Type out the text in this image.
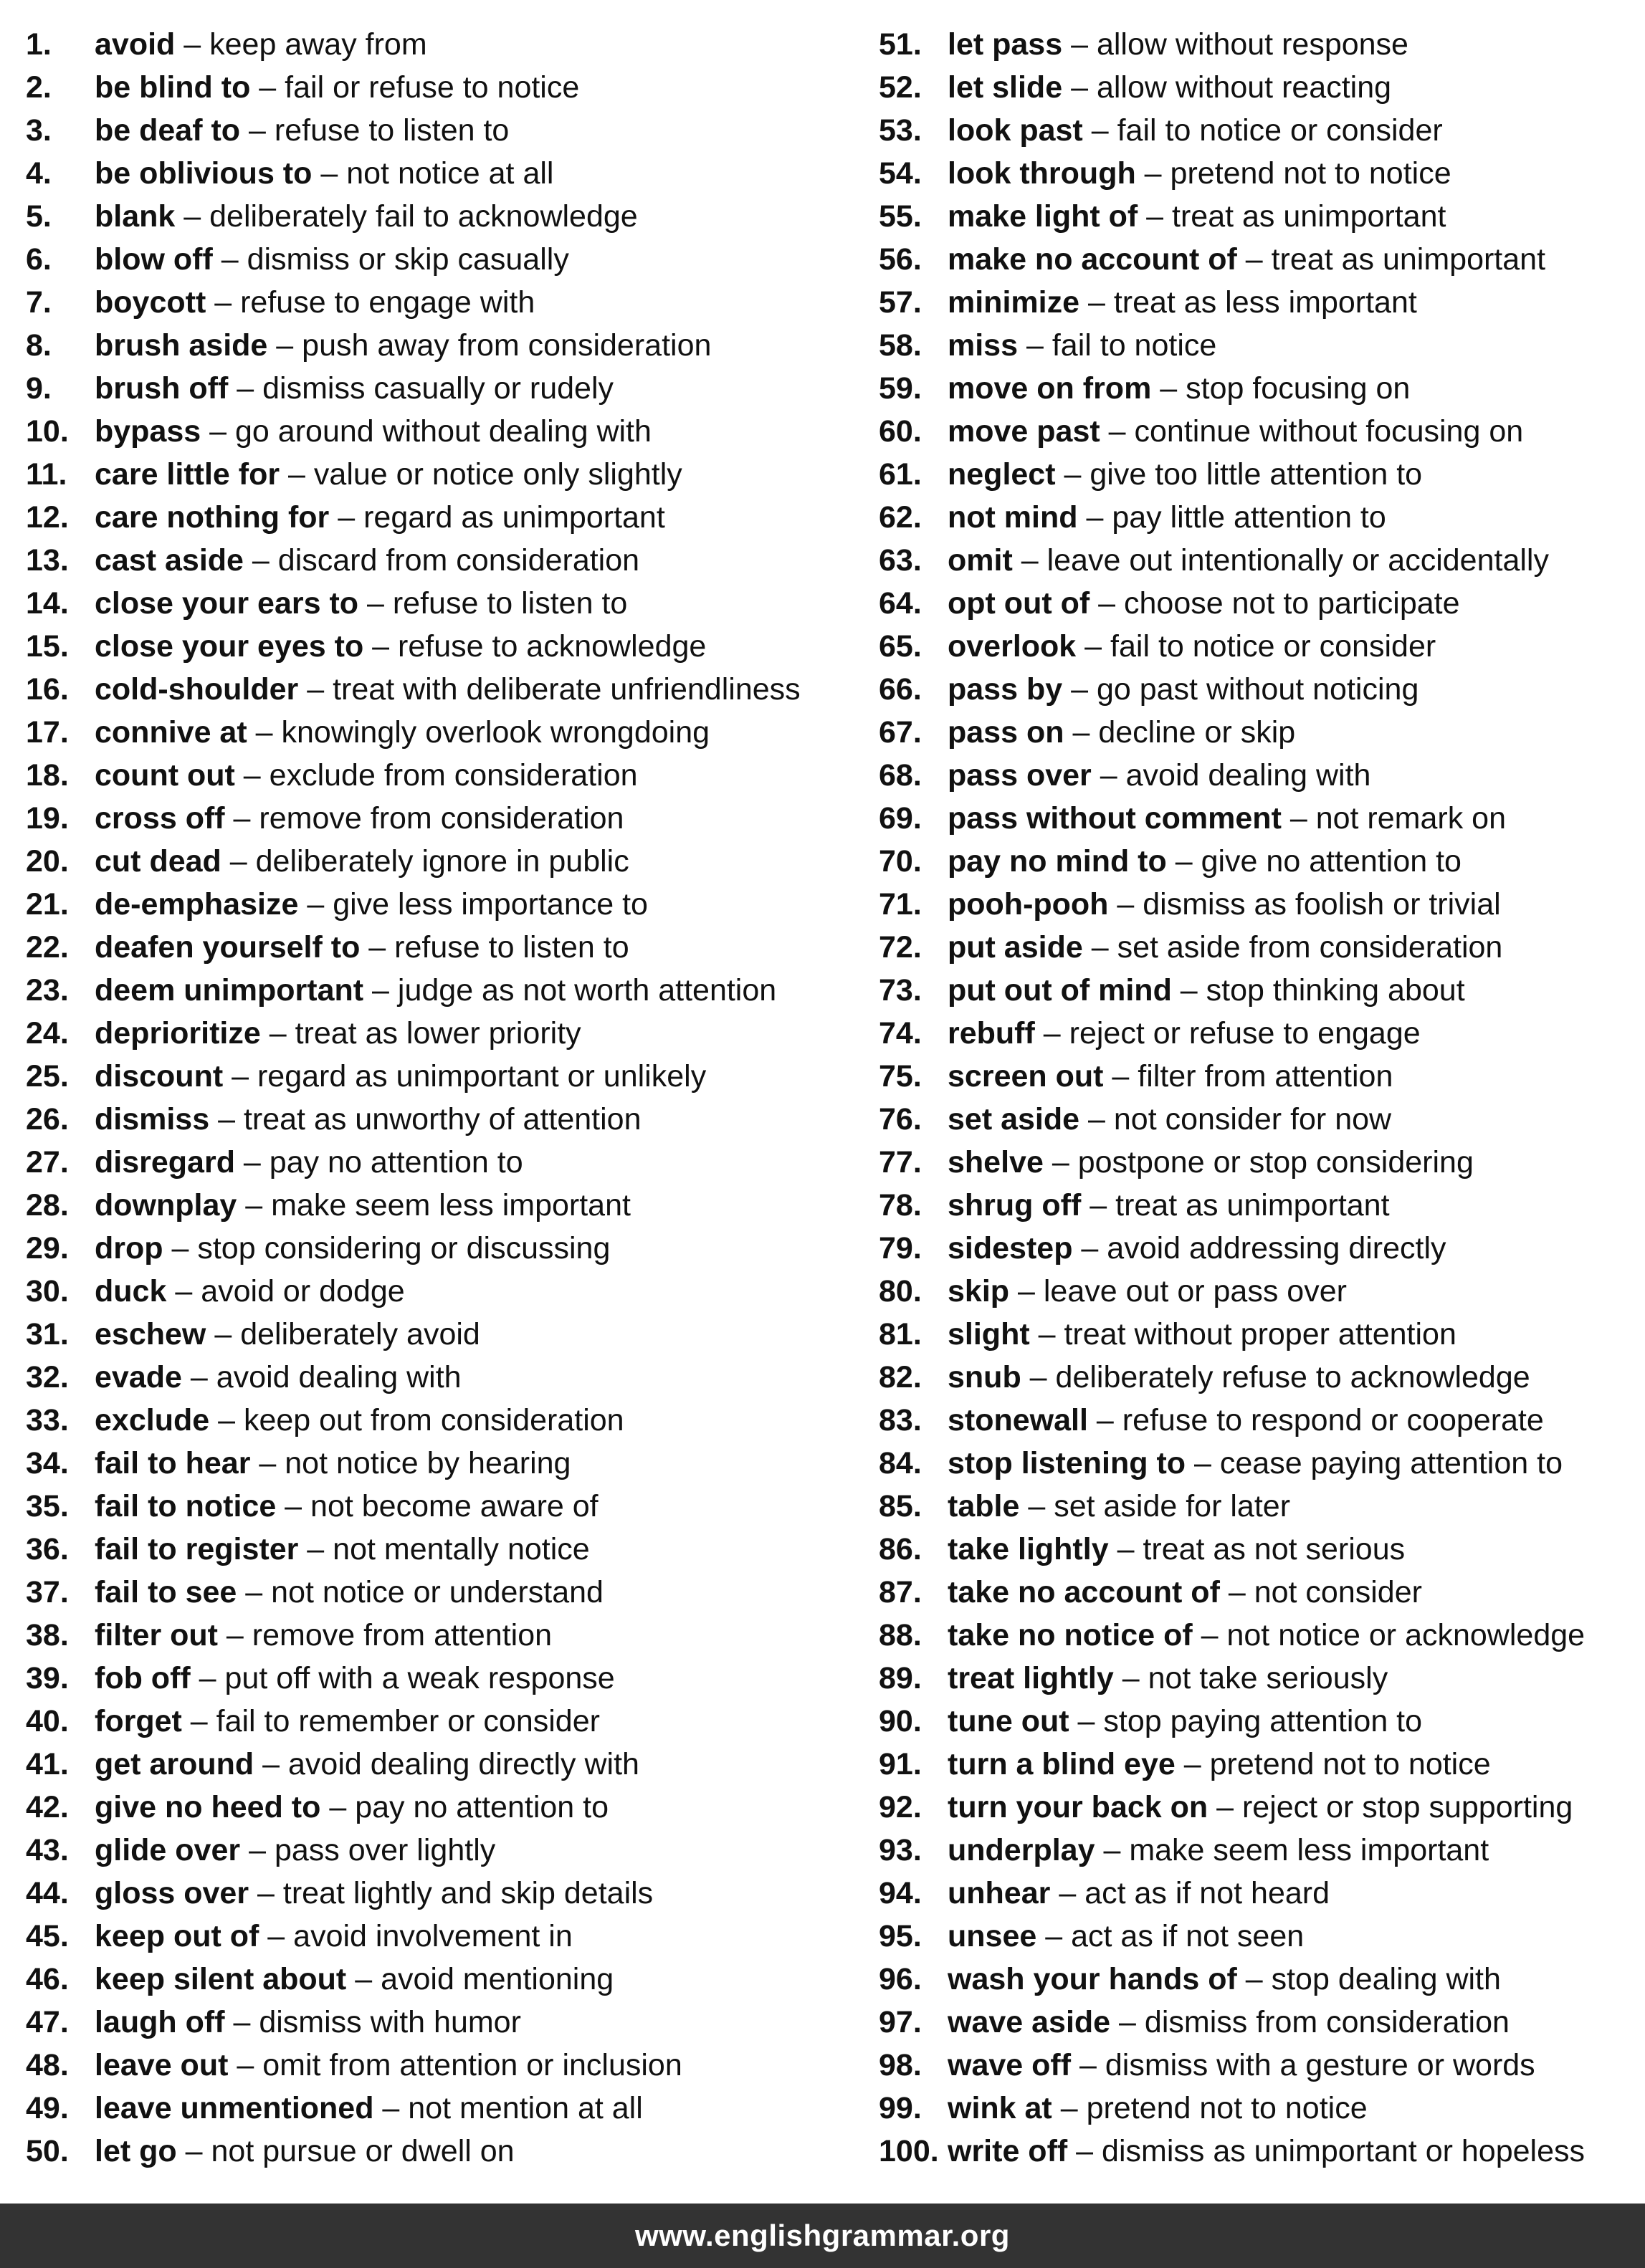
1.	avoid – keep away from
2.	be blind to – fail or refuse to notice
3.	be deaf to – refuse to listen to
4.	be oblivious to – not notice at all
5.	blank – deliberately fail to acknowledge
6.	blow off – dismiss or skip casually
7.	boycott – refuse to engage with
8.	brush aside – push away from consideration
9.	brush off – dismiss casually or rudely
10. bypass – go around without dealing with
11. care little for – value or notice only slightly
12. care nothing for – regard as unimportant
13. cast aside – discard from consideration
14. close your ears to – refuse to listen to
15. close your eyes to – refuse to acknowledge
16. cold-shoulder – treat with deliberate unfriendliness
17. connive at – knowingly overlook wrongdoing
18. count out – exclude from consideration
19. cross off – remove from consideration
20. cut dead – deliberately ignore in public
21. de-emphasize – give less importance to
22. deafen yourself to – refuse to listen to
23. deem unimportant – judge as not worth attention
24. deprioritize – treat as lower priority
25. discount – regard as unimportant or unlikely
26. dismiss – treat as unworthy of attention
27. disregard – pay no attention to
28. downplay – make seem less important
29. drop – stop considering or discussing
30. duck – avoid or dodge
31. eschew – deliberately avoid
32. evade – avoid dealing with
33. exclude – keep out from consideration
34. fail to hear – not notice by hearing
35. fail to notice – not become aware of
36. fail to register – not mentally notice
37. fail to see – not notice or understand
38. filter out – remove from attention
39. fob off – put off with a weak response
40. forget – fail to remember or consider
41. get around – avoid dealing directly with
42. give no heed to – pay no attention to
43. glide over – pass over lightly
44. gloss over – treat lightly and skip details
45. keep out of – avoid involvement in
46. keep silent about – avoid mentioning
47. laugh off – dismiss with humor
48. leave out – omit from attention or inclusion
49. leave unmentioned – not mention at all
50. let go – not pursue or dwell on
51. let pass – allow without response
52. let slide – allow without reacting
53. look past – fail to notice or consider
54. look through – pretend not to notice
55. make light of – treat as unimportant
56. make no account of – treat as unimportant
57. minimize – treat as less important
58. miss – fail to notice
59. move on from – stop focusing on
60. move past – continue without focusing on
61. neglect – give too little attention to
62. not mind – pay little attention to
63. omit – leave out intentionally or accidentally
64. opt out of – choose not to participate
65. overlook – fail to notice or consider
66. pass by – go past without noticing
67. pass on – decline or skip
68. pass over – avoid dealing with
69. pass without comment – not remark on
70. pay no mind to – give no attention to
71. pooh-pooh – dismiss as foolish or trivial
72. put aside – set aside from consideration
73. put out of mind – stop thinking about
74. rebuff – reject or refuse to engage
75. screen out – filter from attention
76. set aside – not consider for now
77. shelve – postpone or stop considering
78. shrug off – treat as unimportant
79. sidestep – avoid addressing directly
80. skip – leave out or pass over
81. slight – treat without proper attention
82. snub – deliberately refuse to acknowledge
83. stonewall – refuse to respond or cooperate
84. stop listening to – cease paying attention to
85. table – set aside for later
86. take lightly – treat as not serious
87. take no account of – not consider
88. take no notice of – not notice or acknowledge
89. treat lightly – not take seriously
90. tune out – stop paying attention to
91. turn a blind eye – pretend not to notice
92. turn your back on – reject or stop supporting
93. underplay – make seem less important
94. unhear – act as if not heard
95. unsee – act as if not seen
96. wash your hands of – stop dealing with
97. wave aside – dismiss from consideration
98. wave off – dismiss with a gesture or words
99. wink at – pretend not to notice
100. write off – dismiss as unimportant or hopeless
www.englishgrammar.org
